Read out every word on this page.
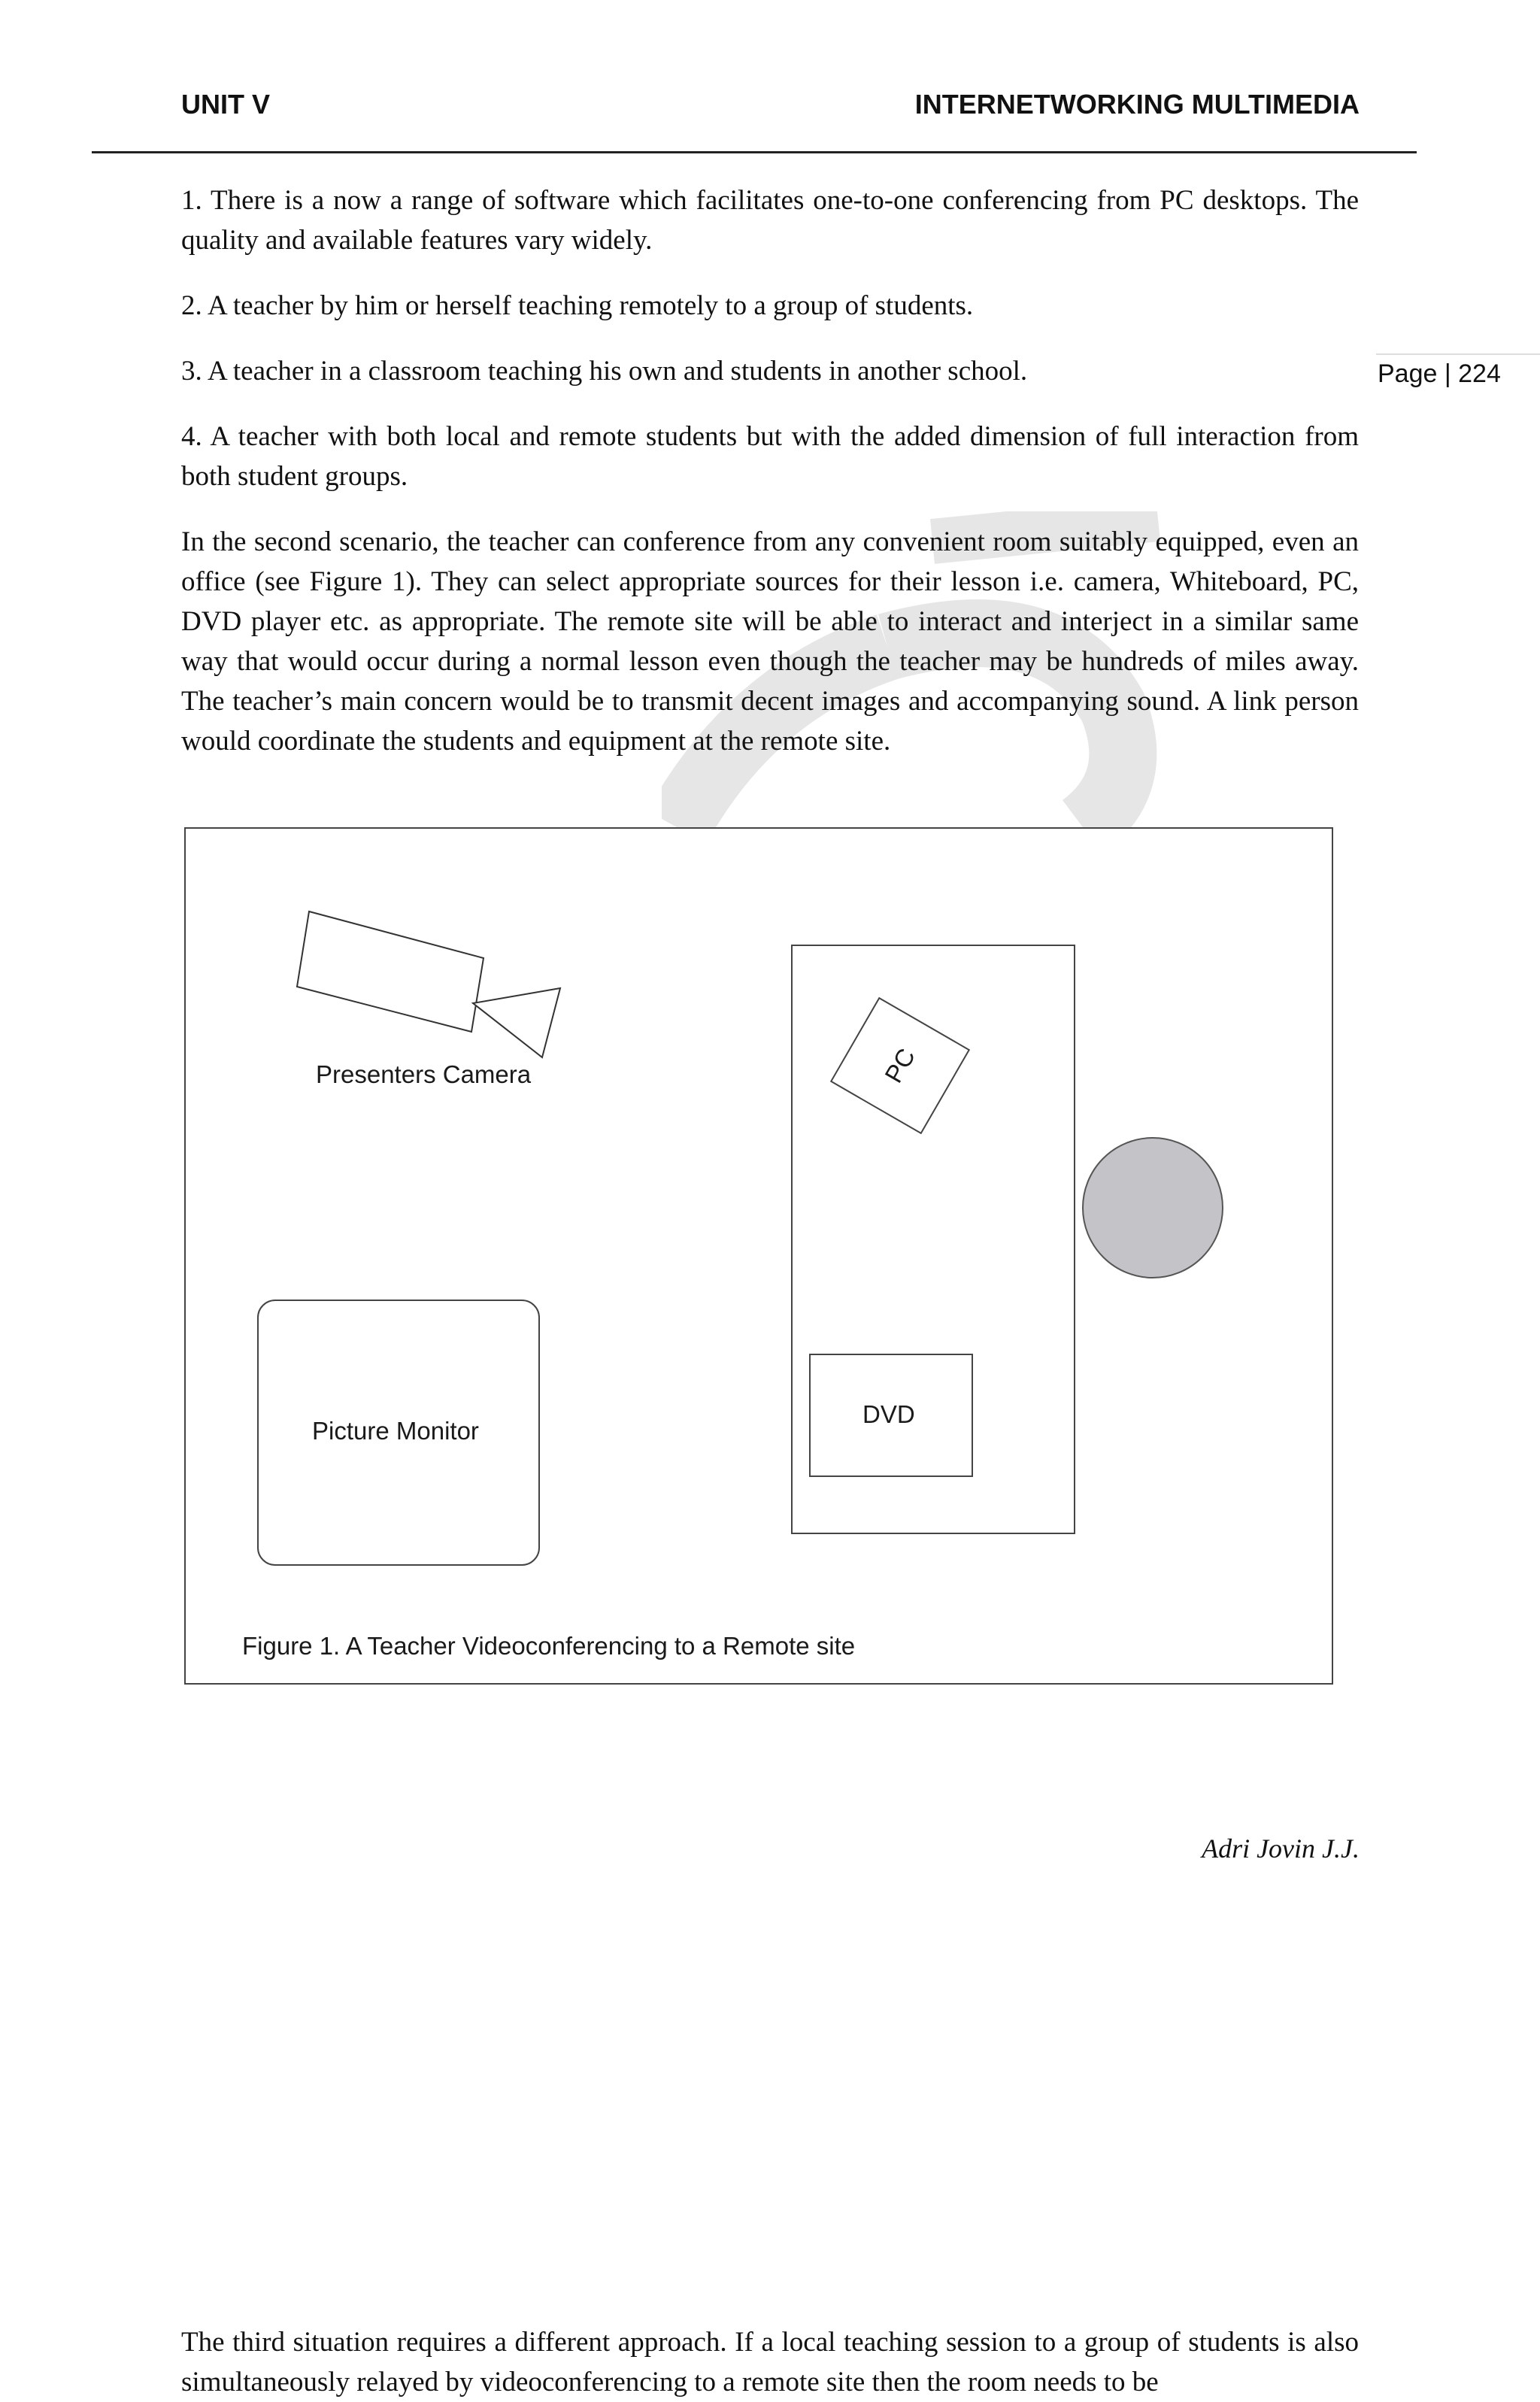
UNIT V	INTERNETWORKING MULTIMEDIA
Page | 224

1. There is a now a range of software which facilitates one-to-one conferencing from PC desktops. The quality and available features vary widely.

2. A teacher by him or herself teaching remotely to a group of students.

3. A teacher in a classroom teaching his own and students in another school.

4. A teacher with both local and remote students but with the added dimension of full interaction from both student groups.

In the second scenario, the teacher can conference from any convenient room suitably equipped, even an office (see Figure 1). They can select appropriate sources for their lesson i.e. camera, Whiteboard, PC, DVD player etc. as appropriate. The remote site will be able to interact and interject in a similar same way that would occur during a normal lesson even though the teacher may be hundreds of miles away. The teacher’s main concern would be to transmit decent images and accompanying sound. A link person would coordinate the students and equipment at the remote site.

Presenters Camera
Picture Monitor
PC
DVD
Figure 1. A Teacher Videoconferencing to a Remote site

The third situation requires a different approach. If a local teaching session to a group of students is also simultaneously relayed by videoconferencing to a remote site then the room needs to be

Adri Jovin J.J.
